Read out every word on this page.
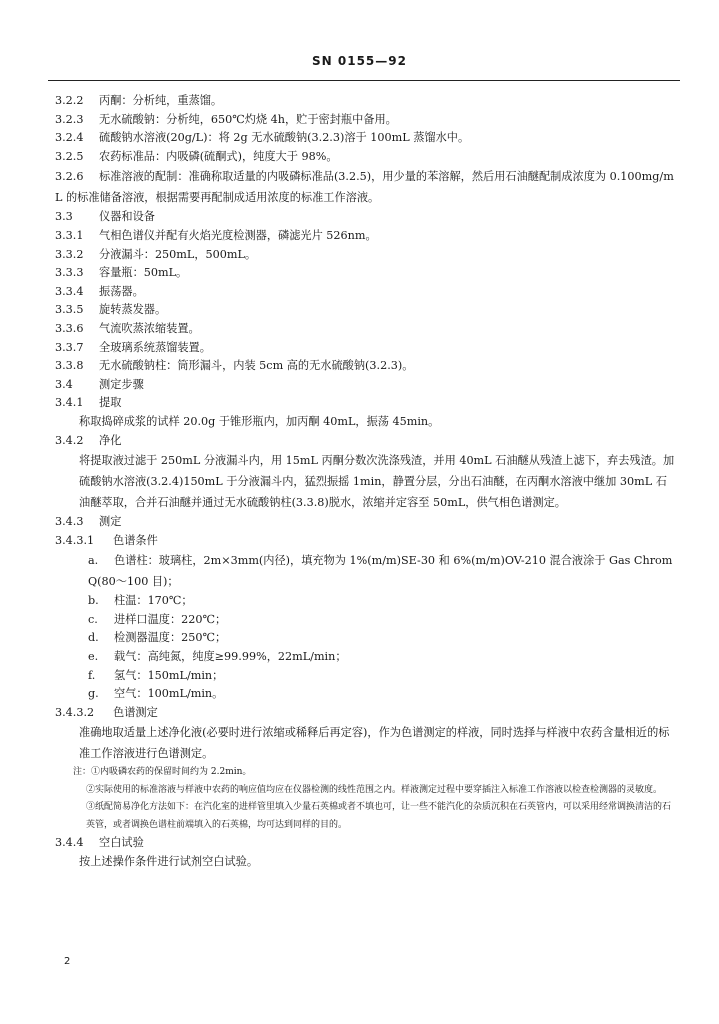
SN 0155—92
3.2.2 丙酮：分析纯，重蒸馏。
3.2.3 无水硫酸钠：分析纯，650℃灼烧 4h，贮于密封瓶中备用。
3.2.4 硫酸钠水溶液(20g/L)：将 2g 无水硫酸钠(3.2.3)溶于 100mL 蒸馏水中。
3.2.5 农药标准品：内吸磷(硫酮式)，纯度大于 98%。
3.2.6 标准溶液的配制：准确称取适量的内吸磷标准品(3.2.5)，用少量的苯溶解，然后用石油醚配制成浓度为 0.100mg/mL 的标准储备溶液，根据需要再配制成适用浓度的标准工作溶液。
3.3 仪器和设备
3.3.1 气相色谱仪并配有火焰光度检测器，磷滤光片 526nm。
3.3.2 分液漏斗：250mL，500mL。
3.3.3 容量瓶：50mL。
3.3.4 振荡器。
3.3.5 旋转蒸发器。
3.3.6 气流吹蒸浓缩装置。
3.3.7 全玻璃系统蒸馏装置。
3.3.8 无水硫酸钠柱：筒形漏斗，内装 5cm 高的无水硫酸钠(3.2.3)。
3.4 测定步骤
3.4.1 提取
称取捣碎成浆的试样 20.0g 于锥形瓶内，加丙酮 40mL，振荡 45min。
3.4.2 净化
将提取液过滤于 250mL 分液漏斗内，用 15mL 丙酮分数次洗涤残渣，并用 40mL 石油醚从残渣上滤下，弃去残渣。加硫酸钠水溶液(3.2.4)150mL 于分液漏斗内，猛烈振摇 1min，静置分层，分出石油醚，在丙酮水溶液中继加 30mL 石油醚萃取，合并石油醚并通过无水硫酸钠柱(3.3.8)脱水，浓缩并定容至 50mL，供气相色谱测定。
3.4.3 测定
3.4.3.1 色谱条件
a. 色谱柱：玻璃柱，2m×3mm(内径)，填充物为 1%(m/m)SE-30 和 6%(m/m)OV-210 混合液涂于 Gas Chrom Q(80～100 目)；
b. 柱温：170℃；
c. 进样口温度：220℃；
d. 检测器温度：250℃；
e. 载气：高纯氮，纯度≥99.99%，22mL/min；
f. 氢气：150mL/min；
g. 空气：100mL/min。
3.4.3.2 色谱测定
准确地取适量上述净化液(必要时进行浓缩或稀释后再定容)，作为色谱测定的样液，同时选择与样液中农药含量相近的标准工作溶液进行色谱测定。
注：①内吸磷农药的保留时间约为 2.2min。
②实际使用的标准溶液与样液中农药的响应值均应在仪器检测的线性范围之内。样液测定过程中要穿插注入标准工作溶液以检查检测器的灵敏度。
③纸配简易净化方法如下：在汽化室的进样管里填入少量石英棉或者不填也可，让一些不能汽化的杂质沉积在石英管内，可以采用经常调换清洁的石英管，或者调换色谱柱前端填入的石英棉，均可达到同样的目的。
3.4.4 空白试验
按上述操作条件进行试剂空白试验。
2
